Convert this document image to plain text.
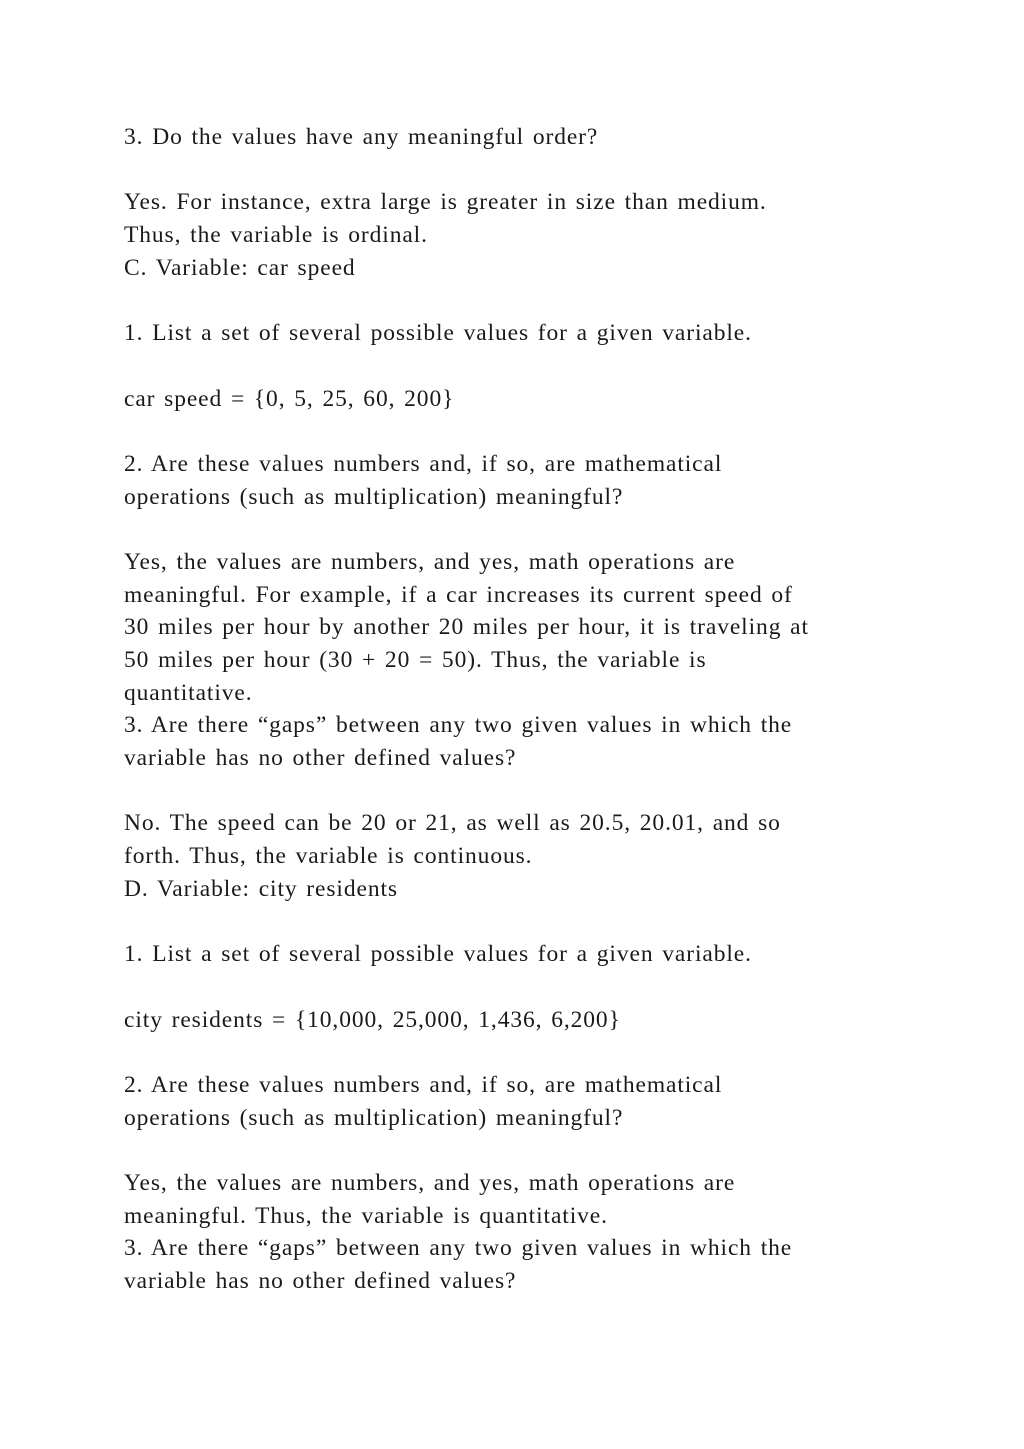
3. Do the values have any meaningful order?
Yes. For instance, extra large is greater in size than medium.
Thus, the variable is ordinal.
C. Variable: car speed
1. List a set of several possible values for a given variable.
car speed = {0, 5, 25, 60, 200}
2. Are these values numbers and, if so, are mathematical
operations (such as multiplication) meaningful?
Yes, the values are numbers, and yes, math operations are
meaningful. For example, if a car increases its current speed of
30 miles per hour by another 20 miles per hour, it is traveling at
50 miles per hour (30 + 20 = 50). Thus, the variable is
quantitative.
3. Are there “gaps” between any two given values in which the
variable has no other defined values?
No. The speed can be 20 or 21, as well as 20.5, 20.01, and so
forth. Thus, the variable is continuous.
D. Variable: city residents
1. List a set of several possible values for a given variable.
city residents = {10,000, 25,000, 1,436, 6,200}
2. Are these values numbers and, if so, are mathematical
operations (such as multiplication) meaningful?
Yes, the values are numbers, and yes, math operations are
meaningful. Thus, the variable is quantitative.
3. Are there “gaps” between any two given values in which the
variable has no other defined values?
